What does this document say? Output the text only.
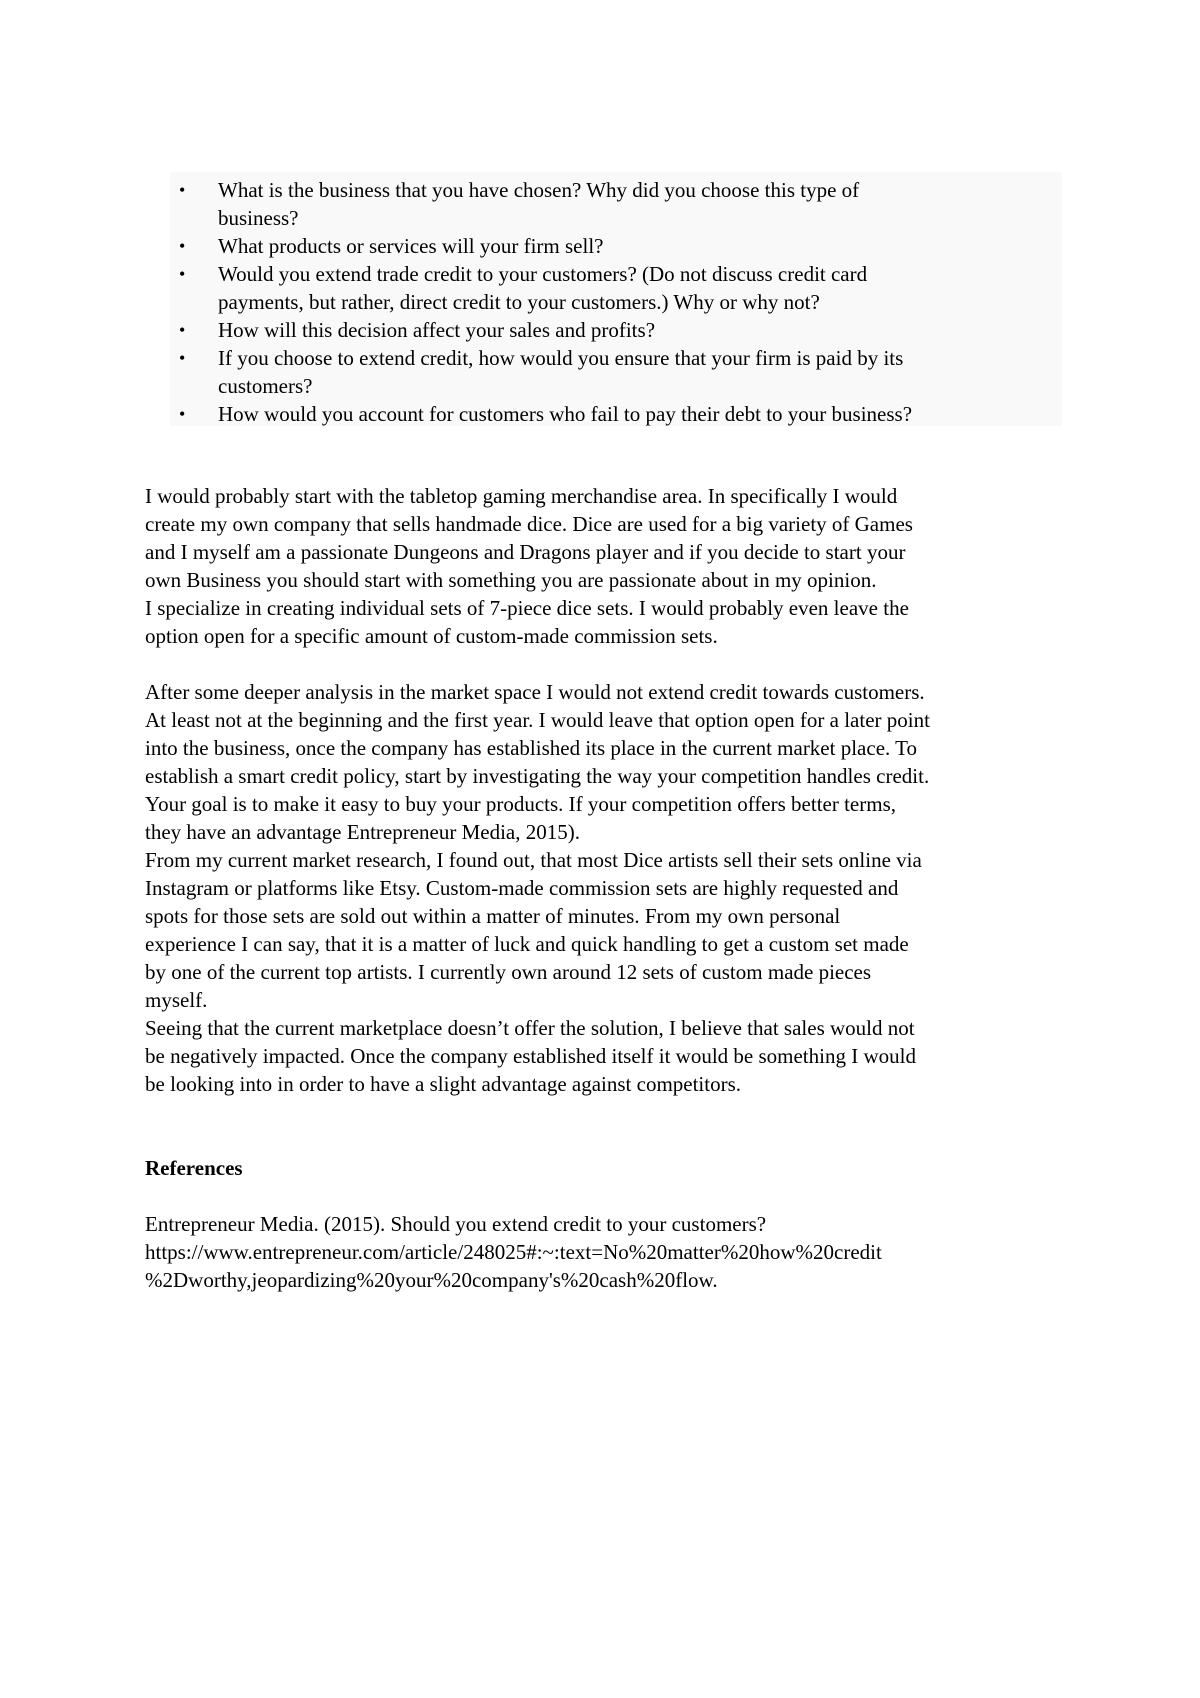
• What is the business that you have chosen? Why did you choose this type of
business?
• What products or services will your firm sell?
• Would you extend trade credit to your customers? (Do not discuss credit card
payments, but rather, direct credit to your customers.) Why or why not?
• How will this decision affect your sales and profits?
• If you choose to extend credit, how would you ensure that your firm is paid by its
customers?
• How would you account for customers who fail to pay their debt to your business?

I would probably start with the tabletop gaming merchandise area. In specifically I would

create my own company that sells handmade dice. Dice are used for a big variety of Games

and I myself am a passionate Dungeons and Dragons player and if you decide to start your

own Business you should start with something you are passionate about in my opinion.

I specialize in creating individual sets of 7-piece dice sets. I would probably even leave the

option open for a specific amount of custom-made commission sets.

After some deeper analysis in the market space I would not extend credit towards customers.

At least not at the beginning and the first year. I would leave that option open for a later point

into the business, once the company has established its place in the current market place. To

establish a smart credit policy, start by investigating the way your competition handles credit.

Your goal is to make it easy to buy your products. If your competition offers better terms,

they have an advantage Entrepreneur Media, 2015).

From my current market research, I found out, that most Dice artists sell their sets online via

Instagram or platforms like Etsy. Custom-made commission sets are highly requested and

spots for those sets are sold out within a matter of minutes. From my own personal

experience I can say, that it is a matter of luck and quick handling to get a custom set made

by one of the current top artists. I currently own around 12 sets of custom made pieces

myself.

Seeing that the current marketplace doesn’t offer the solution, I believe that sales would not

be negatively impacted. Once the company established itself it would be something I would

be looking into in order to have a slight advantage against competitors.

References

Entrepreneur Media. (2015). Should you extend credit to your customers?
https://www.entrepreneur.com/article/248025#:~:text=No%20matter%20how%20credit
%2Dworthy,jeopardizing%20your%20company's%20cash%20flow.
